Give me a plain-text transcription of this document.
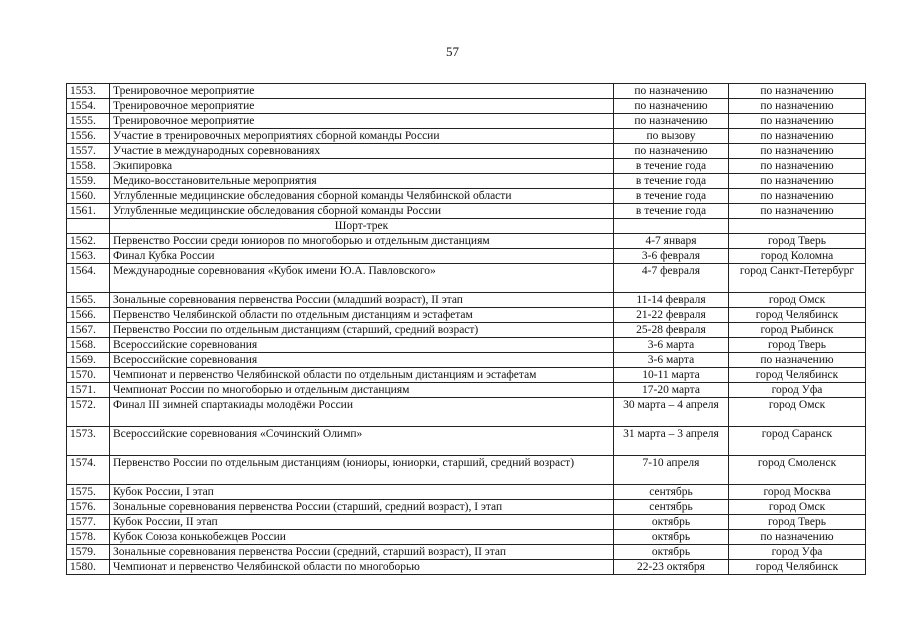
57
1553.	Тренировочное мероприятие	по назначению	по назначению
1554.	Тренировочное мероприятие	по назначению	по назначению
1555.	Тренировочное мероприятие	по назначению	по назначению
1556.	Участие в тренировочных мероприятиях сборной команды России	по вызову	по назначению
1557.	Участие в международных соревнованиях	по назначению	по назначению
1558.	Экипировка	в течение года	по назначению
1559.	Медико-восстановительные мероприятия	в течение года	по назначению
1560.	Углубленные медицинские обследования сборной команды Челябинской области	в течение года	по назначению
1561.	Углубленные медицинские обследования сборной команды России	в течение года	по назначению
	Шорт-трек		
1562.	Первенство России среди юниоров по многоборью и отдельным дистанциям	4-7 января	город Тверь
1563.	Финал Кубка России	3-6 февраля	город Коломна
1564.	Международные соревнования «Кубок имени Ю.А. Павловского»	4-7 февраля	город Санкт-Петербург
1565.	Зональные соревнования первенства России (младший возраст), II этап	11-14 февраля	город Омск
1566.	Первенство Челябинской области по отдельным дистанциям и эстафетам	21-22 февраля	город Челябинск
1567.	Первенство России по отдельным дистанциям (старший, средний возраст)	25-28 февраля	город Рыбинск
1568.	Всероссийские соревнования	3-6 марта	город Тверь
1569.	Всероссийские соревнования	3-6 марта	по назначению
1570.	Чемпионат и первенство Челябинской области по отдельным дистанциям и эстафетам	10-11 марта	город Челябинск
1571.	Чемпионат России по многоборью и отдельным дистанциям	17-20 марта	город Уфа
1572.	Финал III зимней спартакиады молодёжи России	30 марта – 4 апреля	город Омск
1573.	Всероссийские соревнования «Сочинский Олимп»	31 марта – 3 апреля	город Саранск
1574.	Первенство России по отдельным дистанциям (юниоры, юниорки, старший, средний возраст)	7-10 апреля	город Смоленск
1575.	Кубок России, I этап	сентябрь	город Москва
1576.	Зональные соревнования первенства России (старший, средний возраст), I этап	сентябрь	город Омск
1577.	Кубок России, II этап	октябрь	город Тверь
1578.	Кубок Союза конькобежцев России	октябрь	по назначению
1579.	Зональные соревнования первенства России (средний, старший возраст), II этап	октябрь	город Уфа
1580.	Чемпионат и первенство Челябинской области по многоборью	22-23 октября	город Челябинск
